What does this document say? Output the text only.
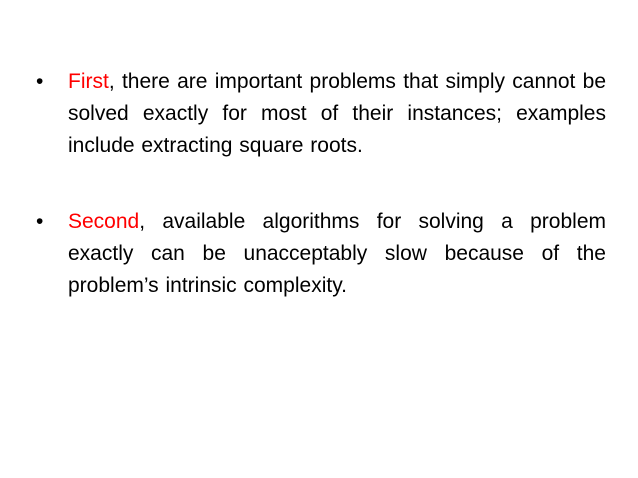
•	First, there are important problems that simply cannot be solved exactly for most of their instances; examples include extracting square roots.
•	Second, available algorithms for solving a problem exactly can be unacceptably slow because of the problem’s intrinsic complexity.
